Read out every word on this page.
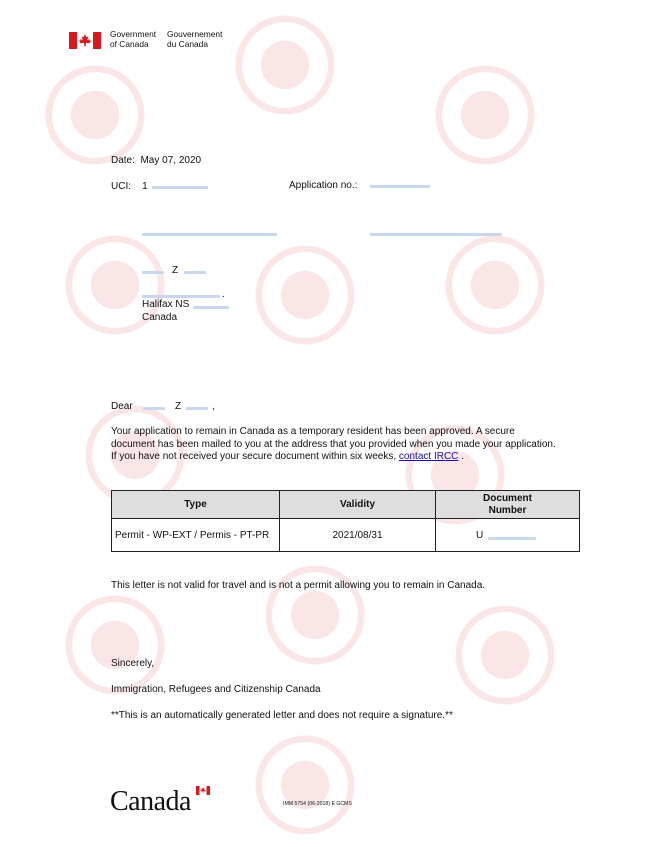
Government
of Canada
Gouvernement
du Canada
Date: May 07, 2020
UCI: 1	Application no.:
Z
.
Halifax NS
Canada
Dear	Z	,
Your application to remain in Canada as a temporary resident has been approved. A secure document has been mailed to you at the address that you provided when you made your application. If you have not received your secure document within six weeks, contact IRCC .
Type	Validity	Document
Number

Permit - WP-EXT / Permis - PT-PR	2021/08/31	U
This letter is not valid for travel and is not a permit allowing you to remain in Canada.
Sincerely,
Immigration, Refugees and Citizenship Canada
**This is an automatically generated letter and does not require a signature.**
Canada	IMM 5754 (06-2018) E GCMS
